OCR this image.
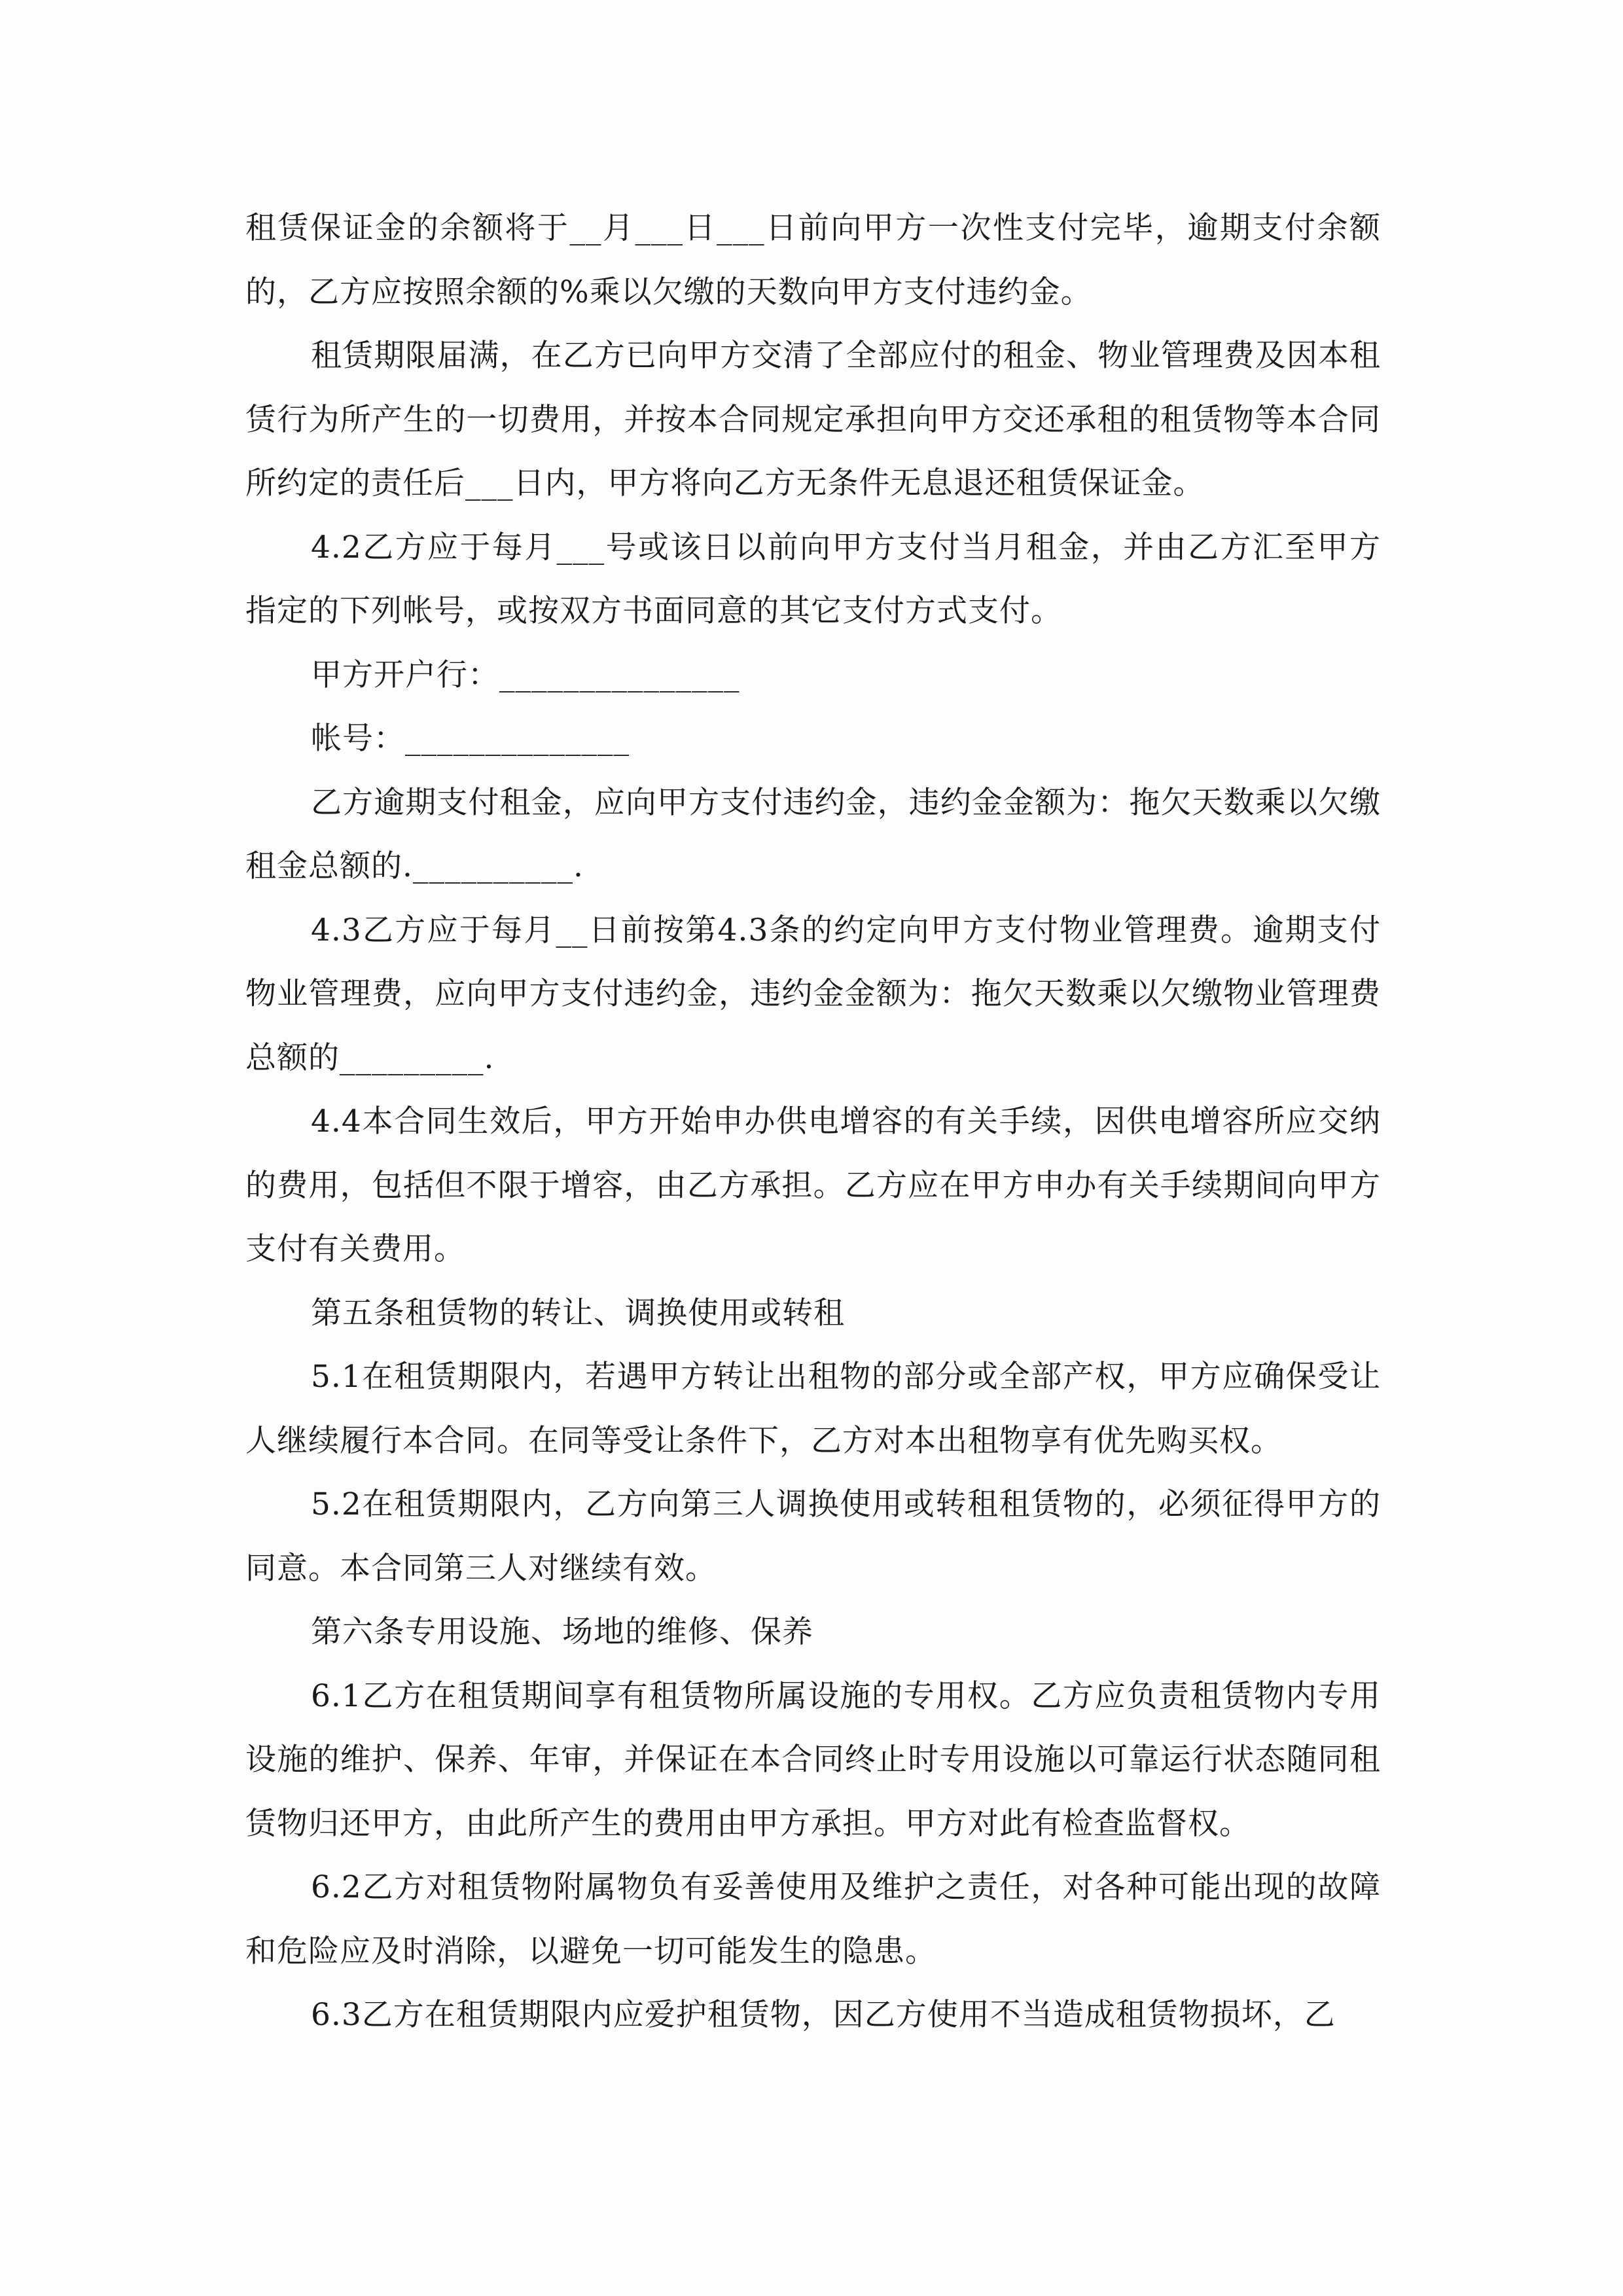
租赁保证金的余额将于__月___日___日前向甲方一次性支付完毕，逾期支付余额的，乙方应按照余额的%乘以欠缴的天数向甲方支付违约金。

租赁期限届满，在乙方已向甲方交清了全部应付的租金、物业管理费及因本租赁行为所产生的一切费用，并按本合同规定承担向甲方交还承租的租赁物等本合同所约定的责任后___日内，甲方将向乙方无条件无息退还租赁保证金。

4.2乙方应于每月___号或该日以前向甲方支付当月租金，并由乙方汇至甲方指定的下列帐号，或按双方书面同意的其它支付方式支付。

甲方开户行：_______________

帐号：______________

乙方逾期支付租金，应向甲方支付违约金，违约金金额为：拖欠天数乘以欠缴租金总额的.__________.

4.3乙方应于每月__日前按第4.3条的约定向甲方支付物业管理费。逾期支付物业管理费，应向甲方支付违约金，违约金金额为：拖欠天数乘以欠缴物业管理费总额的_________.

4.4本合同生效后，甲方开始申办供电增容的有关手续，因供电增容所应交纳的费用，包括但不限于增容，由乙方承担。乙方应在甲方申办有关手续期间向甲方支付有关费用。

第五条租赁物的转让、调换使用或转租

5.1在租赁期限内，若遇甲方转让出租物的部分或全部产权，甲方应确保受让人继续履行本合同。在同等受让条件下，乙方对本出租物享有优先购买权。

5.2在租赁期限内，乙方向第三人调换使用或转租租赁物的，必须征得甲方的同意。本合同第三人对继续有效。

第六条专用设施、场地的维修、保养

6.1乙方在租赁期间享有租赁物所属设施的专用权。乙方应负责租赁物内专用设施的维护、保养、年审，并保证在本合同终止时专用设施以可靠运行状态随同租赁物归还甲方，由此所产生的费用由甲方承担。甲方对此有检查监督权。

6.2乙方对租赁物附属物负有妥善使用及维护之责任，对各种可能出现的故障和危险应及时消除，以避免一切可能发生的隐患。

6.3乙方在租赁期限内应爱护租赁物，因乙方使用不当造成租赁物损坏，乙
